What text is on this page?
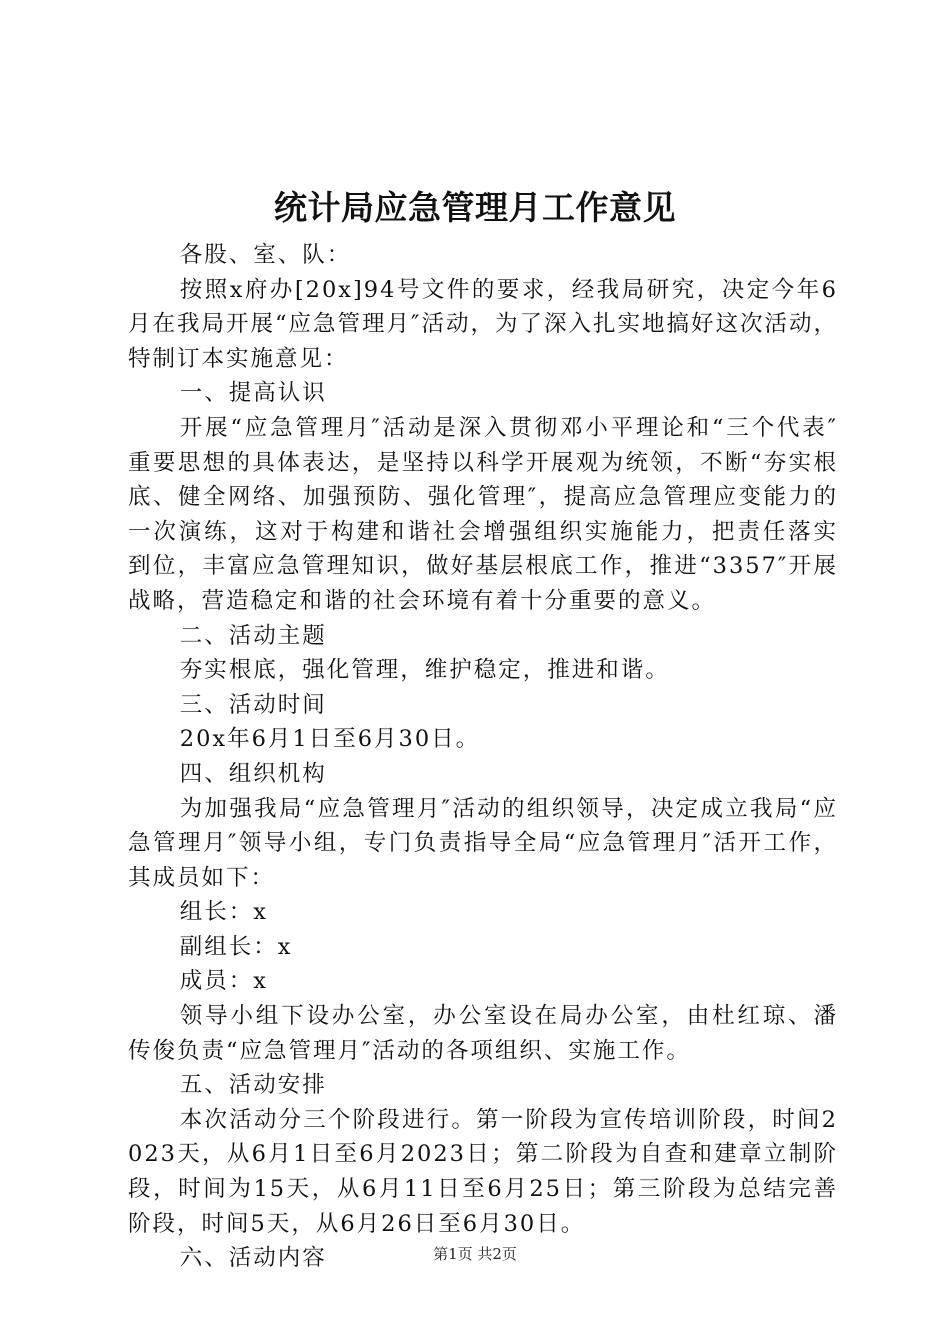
统计局应急管理月工作意见

各股、室、队：

按照x府办[20x]94号文件的要求，经我局研究，决定今年6月在我局开展“应急管理月″活动，为了深入扎实地搞好这次活动，特制订本实施意见：

一、提高认识

开展“应急管理月″活动是深入贯彻邓小平理论和“三个代表″重要思想的具体表达，是坚持以科学开展观为统领，不断“夯实根底、健全网络、加强预防、强化管理″，提高应急管理应变能力的一次演练，这对于构建和谐社会增强组织实施能力，把责任落实到位，丰富应急管理知识，做好基层根底工作，推进“3357″开展战略，营造稳定和谐的社会环境有着十分重要的意义。

二、活动主题

夯实根底，强化管理，维护稳定，推进和谐。

三、活动时间

20x年6月1日至6月30日。

四、组织机构

为加强我局“应急管理月″活动的组织领导，决定成立我局“应急管理月″领导小组，专门负责指导全局“应急管理月″活开工作，其成员如下：

组长：x

副组长：x

成员：x

领导小组下设办公室，办公室设在局办公室，由杜红琼、潘传俊负责“应急管理月″活动的各项组织、实施工作。

五、活动安排

本次活动分三个阶段进行。第一阶段为宣传培训阶段，时间2023天，从6月1日至6月2023日；第二阶段为自查和建章立制阶段，时间为15天，从6月11日至6月25日；第三阶段为总结完善阶段，时间5天，从6月26日至6月30日。

六、活动内容	第1页 共2页
